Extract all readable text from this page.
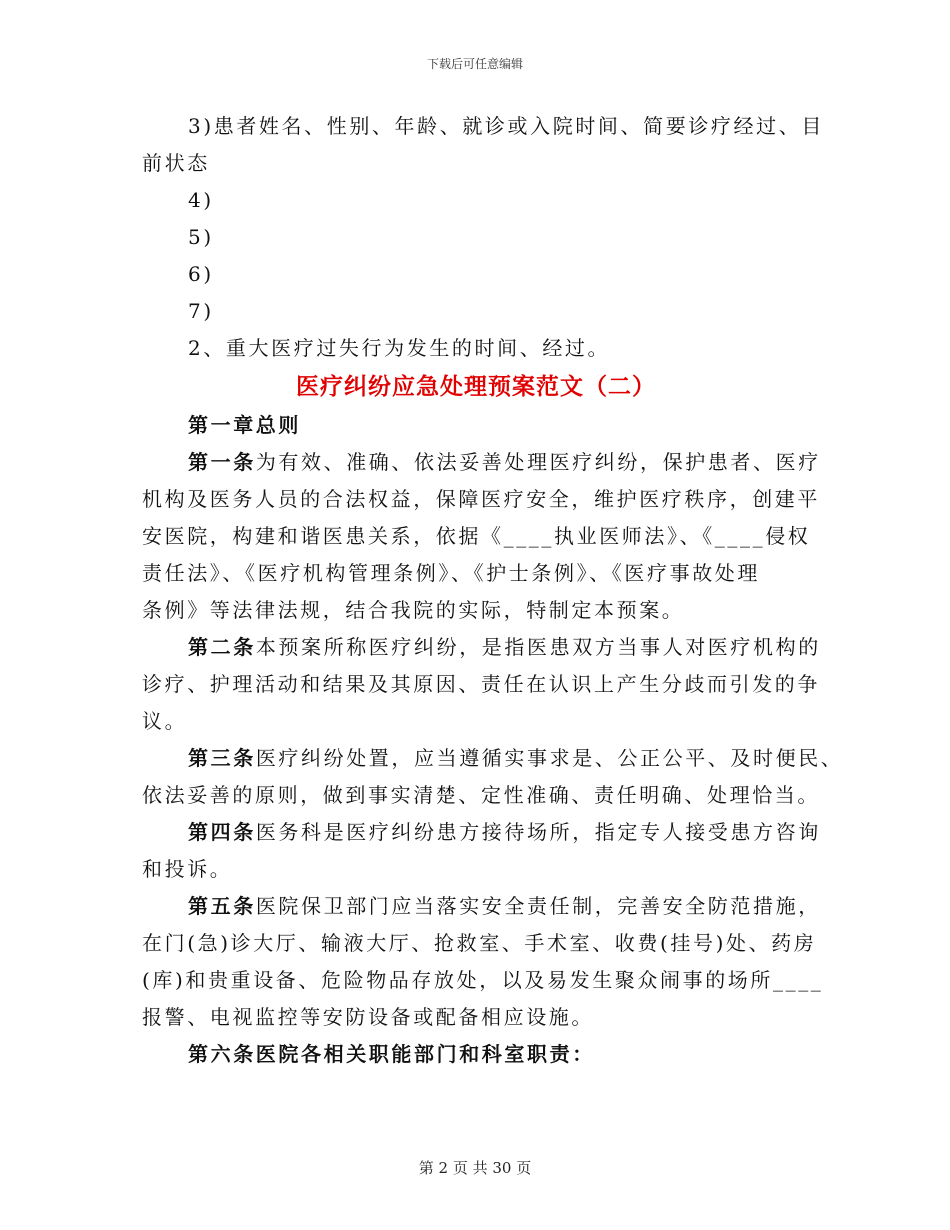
下载后可任意编辑
3)患者姓名、性别、年龄、就诊或入院时间、简要诊疗经过、目
前状态
4)
5)
6)
7)
2、重大医疗过失行为发生的时间、经过。
医疗纠纷应急处理预案范文（二）
第一章总则
第一条为有效、准确、依法妥善处理医疗纠纷，保护患者、医疗
机构及医务人员的合法权益，保障医疗安全，维护医疗秩序，创建平
安医院，构建和谐医患关系，依据《____执业医师法》、《____侵权
责任法》、《医疗机构管理条例》、《护士条例》、《医疗事故处理
条例》等法律法规，结合我院的实际，特制定本预案。
第二条本预案所称医疗纠纷，是指医患双方当事人对医疗机构的
诊疗、护理活动和结果及其原因、责任在认识上产生分歧而引发的争
议。
第三条医疗纠纷处置，应当遵循实事求是、公正公平、及时便民、
依法妥善的原则，做到事实清楚、定性准确、责任明确、处理恰当。
第四条医务科是医疗纠纷患方接待场所，指定专人接受患方咨询
和投诉。
第五条医院保卫部门应当落实安全责任制，完善安全防范措施，
在门(急)诊大厅、输液大厅、抢救室、手术室、收费(挂号)处、药房
(库)和贵重设备、危险物品存放处，以及易发生聚众闹事的场所____
报警、电视监控等安防设备或配备相应设施。
第六条医院各相关职能部门和科室职责：
第 2 页 共 30 页
